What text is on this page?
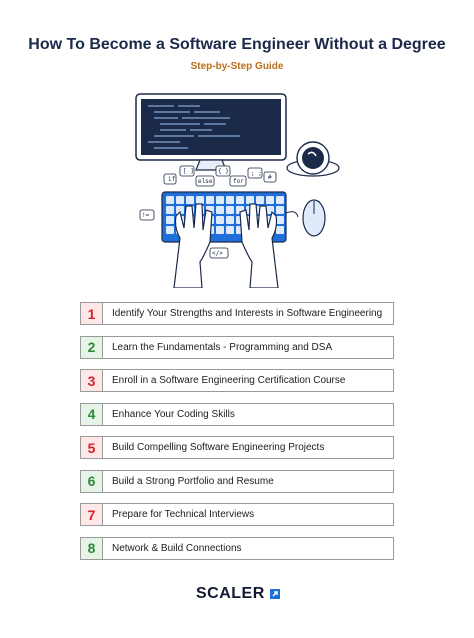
How To Become a Software Engineer Without a Degree
Step-by-Step Guide
[ ]
if	else
{ }
for
; ;
#
!=
</>
1	Identify Your Strengths and Interests in Software Engineering
2	Learn the Fundamentals - Programming and DSA
3	Enroll in a Software Engineering Certification Course
4	Enhance Your Coding Skills
5	Build Compelling Software Engineering Projects
6	Build a Strong Portfolio and Resume
7	Prepare for Technical Interviews
8	Network & Build Connections
SCALER
